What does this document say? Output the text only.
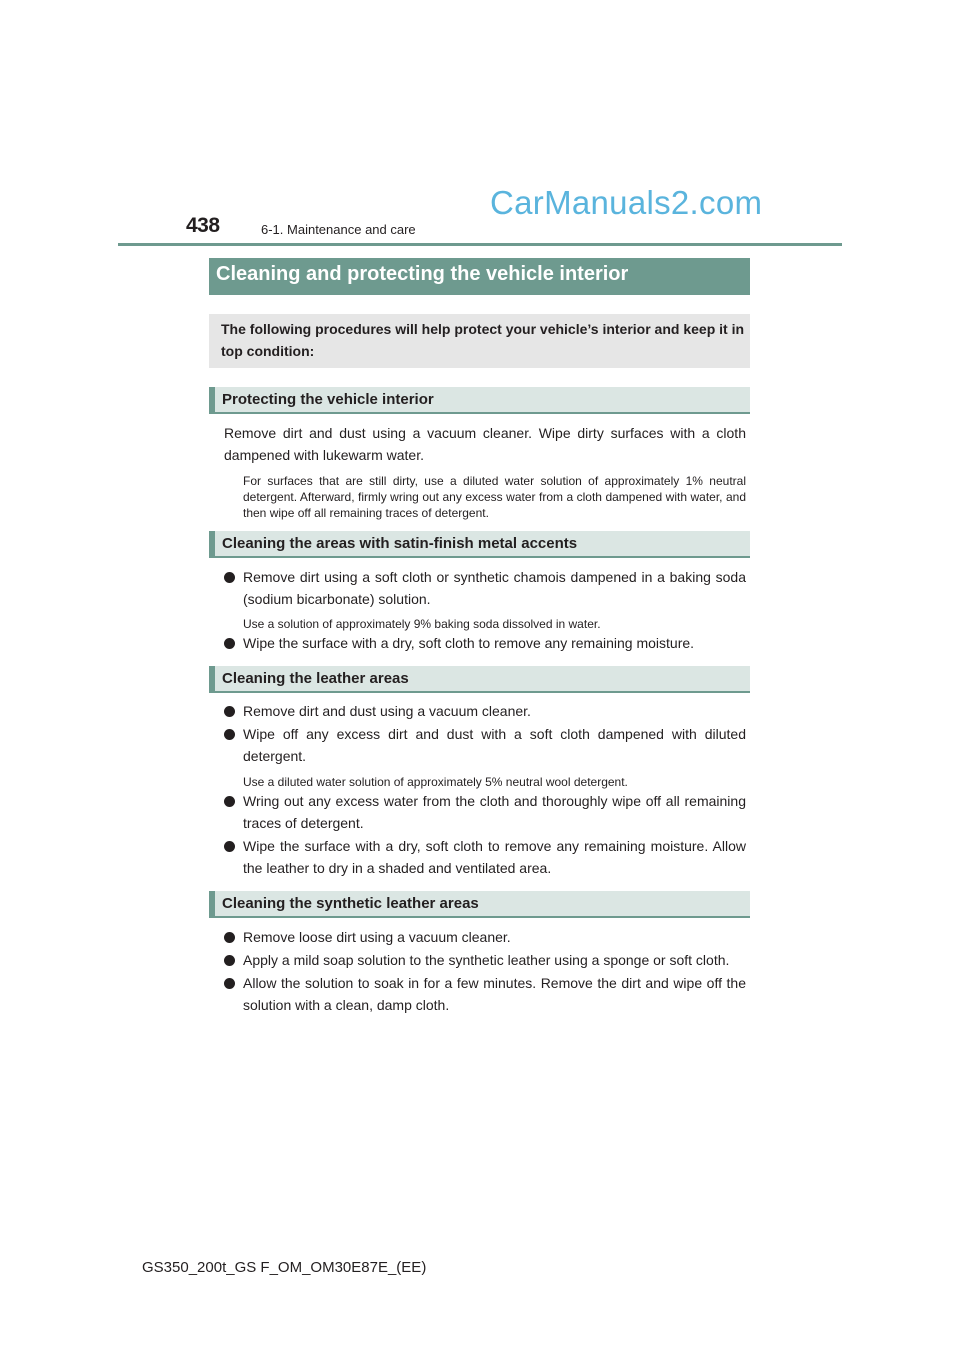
438	6-1. Maintenance and care
CarManuals2.com
Cleaning and protecting the vehicle interior
The following procedures will help protect your vehicle’s interior and keep it in top condition:
Protecting the vehicle interior
Remove dirt and dust using a vacuum cleaner. Wipe dirty surfaces with a cloth dampened with lukewarm water.
For surfaces that are still dirty, use a diluted water solution of approximately 1% neutral detergent. Afterward, firmly wring out any excess water from a cloth dampened with water, and then wipe off all remaining traces of detergent.
Cleaning the areas with satin-finish metal accents
Remove dirt using a soft cloth or synthetic chamois dampened in a baking soda (sodium bicarbonate) solution.
Use a solution of approximately 9% baking soda dissolved in water.
Wipe the surface with a dry, soft cloth to remove any remaining moisture.
Cleaning the leather areas
Remove dirt and dust using a vacuum cleaner.
Wipe off any excess dirt and dust with a soft cloth dampened with diluted detergent.
Use a diluted water solution of approximately 5% neutral wool detergent.
Wring out any excess water from the cloth and thoroughly wipe off all remaining traces of detergent.
Wipe the surface with a dry, soft cloth to remove any remaining moisture. Allow the leather to dry in a shaded and ventilated area.
Cleaning the synthetic leather areas
Remove loose dirt using a vacuum cleaner.
Apply a mild soap solution to the synthetic leather using a sponge or soft cloth.
Allow the solution to soak in for a few minutes. Remove the dirt and wipe off the solution with a clean, damp cloth.
GS350_200t_GS F_OM_OM30E87E_(EE)
